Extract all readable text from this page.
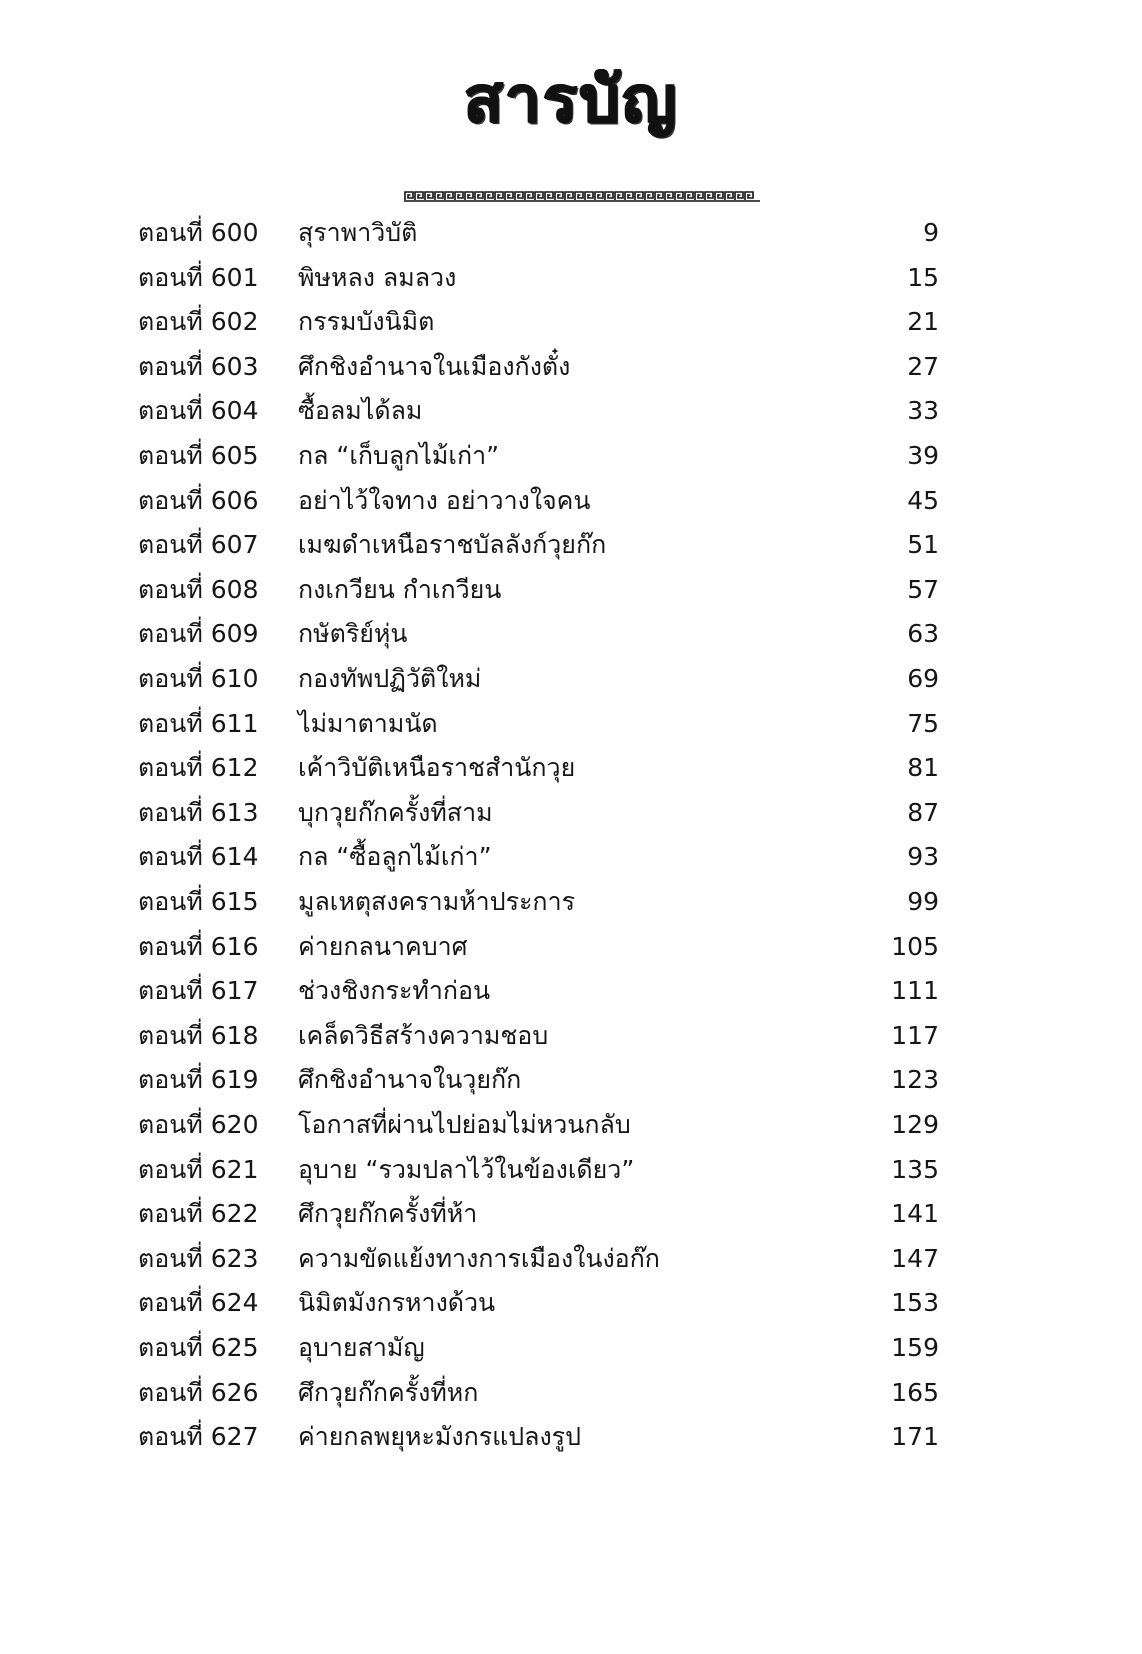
สารบัญ
ตอนที่ 600	สุราพาวิบัติ	9
ตอนที่ 601	พิษหลง ลมลวง	15
ตอนที่ 602	กรรมบังนิมิต	21
ตอนที่ 603	ศึกชิงอำนาจในเมืองกังตั๋ง	27
ตอนที่ 604	ซื้อลมได้ลม	33
ตอนที่ 605	กล “เก็บลูกไม้เก่า”	39
ตอนที่ 606	อย่าไว้ใจทาง อย่าวางใจคน	45
ตอนที่ 607	เมฆดำเหนือราชบัลลังก์วุยก๊ก	51
ตอนที่ 608	กงเกวียน กำเกวียน	57
ตอนที่ 609	กษัตริย์หุ่น	63
ตอนที่ 610	กองทัพปฏิวัติใหม่	69
ตอนที่ 611	ไม่มาตามนัด	75
ตอนที่ 612	เค้าวิบัติเหนือราชสำนักวุย	81
ตอนที่ 613	บุกวุยก๊กครั้งที่สาม	87
ตอนที่ 614	กล “ซื้อลูกไม้เก่า”	93
ตอนที่ 615	มูลเหตุสงครามห้าประการ	99
ตอนที่ 616	ค่ายกลนาคบาศ	105
ตอนที่ 617	ช่วงชิงกระทำก่อน	111
ตอนที่ 618	เคล็ดวิธีสร้างความชอบ	117
ตอนที่ 619	ศึกชิงอำนาจในวุยก๊ก	123
ตอนที่ 620	โอกาสที่ผ่านไปย่อมไม่หวนกลับ	129
ตอนที่ 621	อุบาย “รวมปลาไว้ในข้องเดียว”	135
ตอนที่ 622	ศึกวุยก๊กครั้งที่ห้า	141
ตอนที่ 623	ความขัดแย้งทางการเมืองในง่อก๊ก	147
ตอนที่ 624	นิมิตมังกรหางด้วน	153
ตอนที่ 625	อุบายสามัญ	159
ตอนที่ 626	ศึกวุยก๊กครั้งที่หก	165
ตอนที่ 627	ค่ายกลพยุหะมังกรแปลงรูป	171
